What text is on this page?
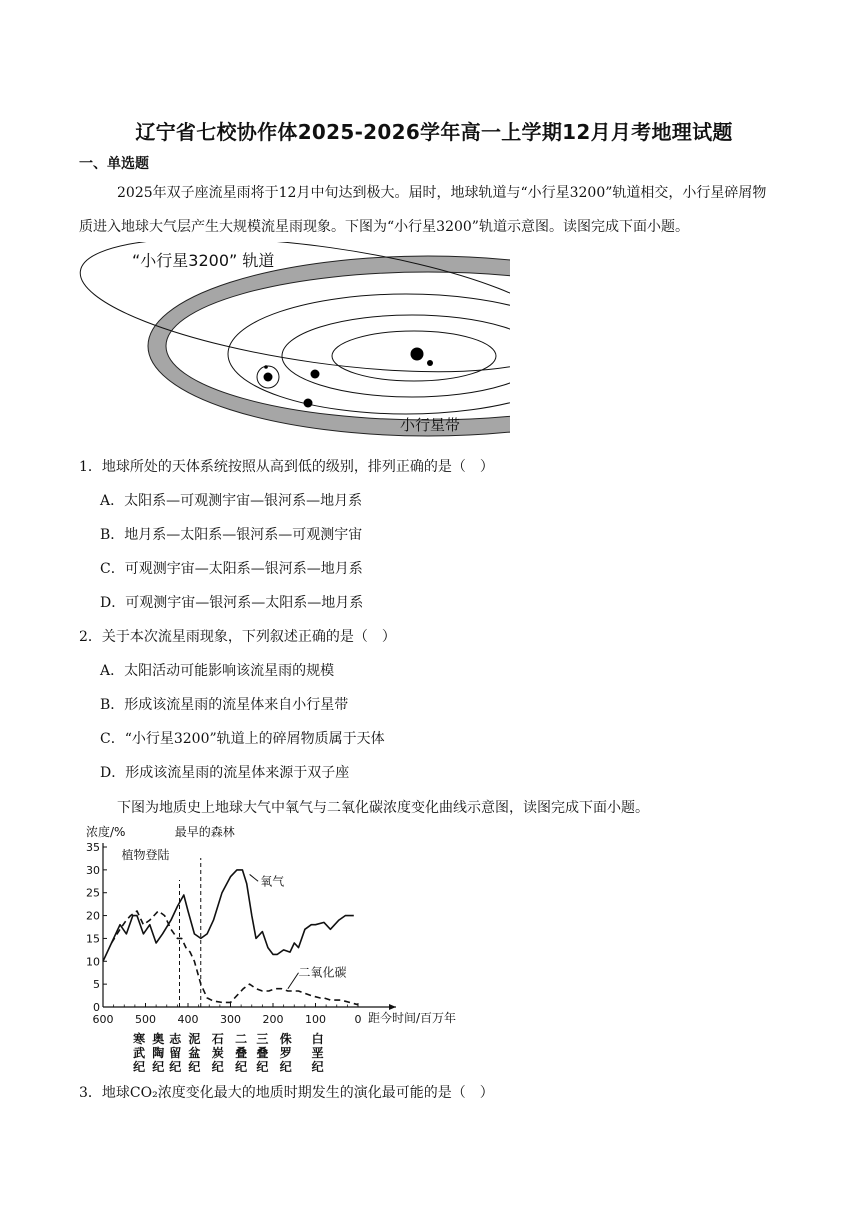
辽宁省七校协作体2025-2026学年高一上学期12月月考地理试题
一、单选题
2025年双子座流星雨将于12月中旬达到极大。届时，地球轨道与“小行星3200”轨道相交，小行星碎屑物质进入地球大气层产生大规模流星雨现象。下图为“小行星3200”轨道示意图。读图完成下面小题。
“小行星3200” 轨道
小行星带
1．地球所处的天体系统按照从高到低的级别，排列正确的是（　）
A．太阳系—可观测宇宙—银河系—地月系
B．地月系—太阳系—银河系—可观测宇宙
C．可观测宇宙—太阳系—银河系—地月系
D．可观测宇宙—银河系—太阳系—地月系
2．关于本次流星雨现象，下列叙述正确的是（　）
A．太阳活动可能影响该流星雨的规模
B．形成该流星雨的流星体来自小行星带
C．“小行星3200”轨道上的碎屑物质属于天体
D．形成该流星雨的流星体来源于双子座
下图为地质史上地球大气中氧气与二氧化碳浓度变化曲线示意图，读图完成下面小题。
浓度/%
0
5
10
15
20
25
30
35
600 500 400 300 200 100	0
植物登陆
最早的森林
氧气
二氧化碳
寒
武
纪
奥
陶
纪
志
留
纪
泥
盆
纪
石
炭
纪
二
叠
纪
三
叠
纪
侏
罗
纪
白
垩
纪
距今时间/百万年
3．地球CO₂浓度变化最大的地质时期发生的演化最可能的是（　）
